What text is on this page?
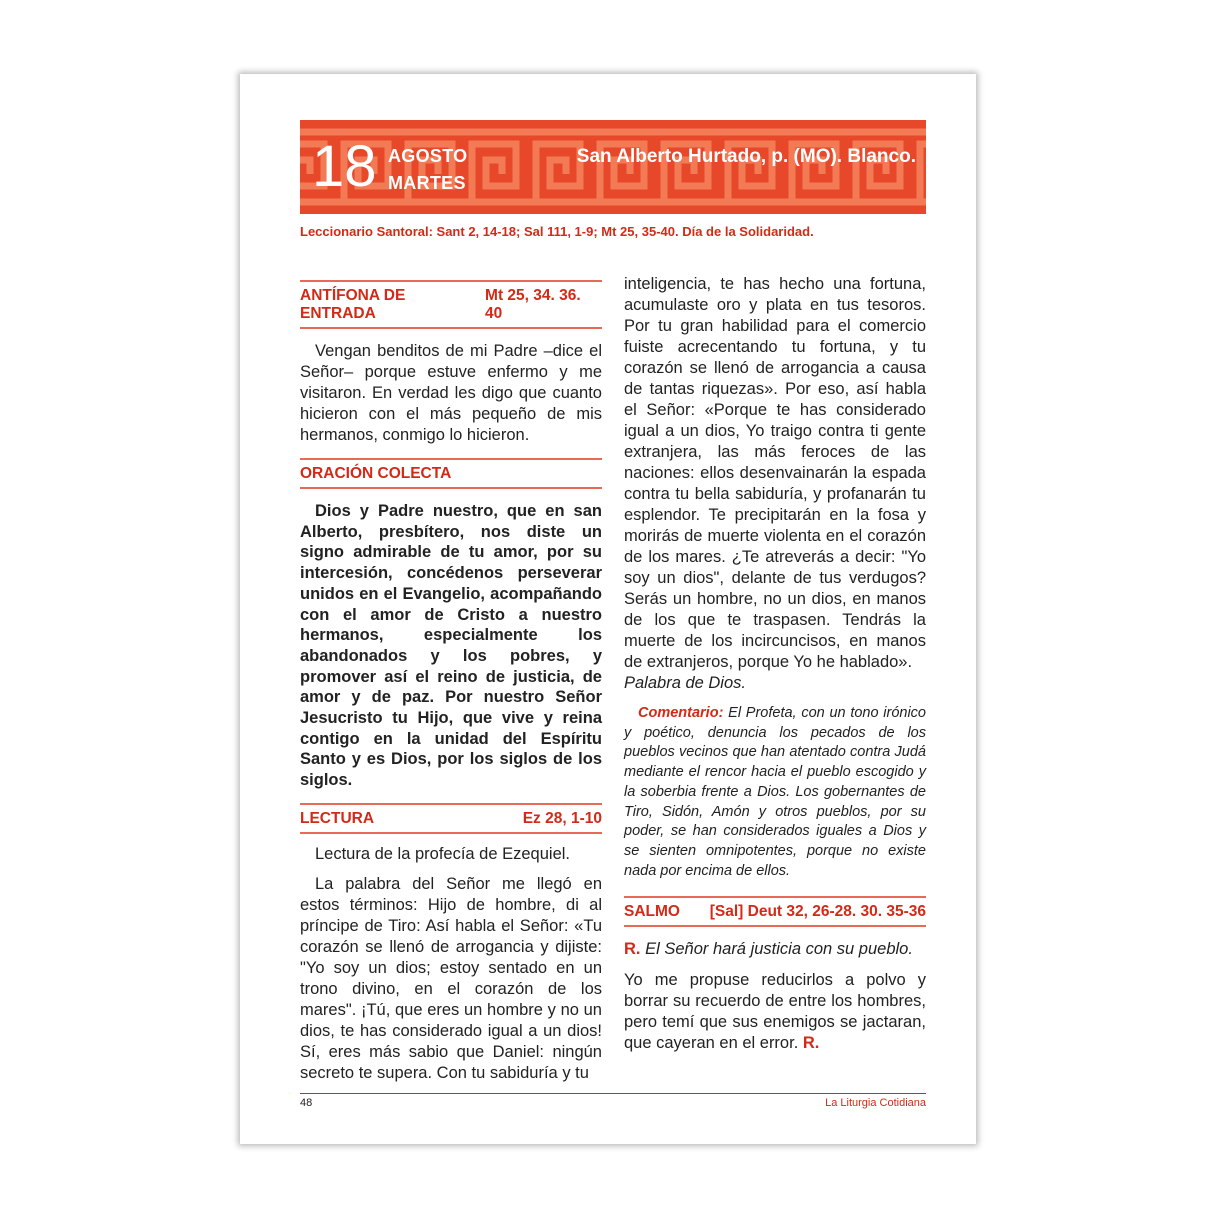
18 AGOSTO
MARTES
San Alberto Hurtado, p. (MO). Blanco.
Leccionario Santoral: Sant 2, 14-18; Sal 111, 1-9; Mt 25, 35-40. Día de la Solidaridad.
ANTÍFONA DE ENTRADA
Mt 25, 34. 36. 40

Vengan benditos de mi Padre –dice el Señor– porque estuve enfermo y me visitaron. En verdad les digo que cuanto hicieron con el más pequeño de mis hermanos, conmigo lo hicieron.

ORACIÓN COLECTA

Dios y Padre nuestro, que en san Alberto, presbítero, nos diste un signo admirable de tu amor, por su intercesión, concédenos perseverar unidos en el Evangelio, acompañando con el amor de Cristo a nuestro hermanos, especialmente los abandonados y los pobres, y promover así el reino de justicia, de amor y de paz. Por nuestro Señor Jesucristo tu Hijo, que vive y reina contigo en la unidad del Espíritu Santo y es Dios, por los siglos de los siglos.

LECTURA	Ez 28, 1-10

Lectura de la profecía de Ezequiel.

La palabra del Señor me llegó en estos términos: Hijo de hombre, di al príncipe de Tiro: Así habla el Señor: «Tu corazón se llenó de arrogancia y dijiste: "Yo soy un dios; estoy sentado en un trono divino, en el corazón de los mares". ¡Tú, que eres un hombre y no un dios, te has considerado igual a un dios! Sí, eres más sabio que Daniel: ningún secreto te supera. Con tu sabiduría y tu

inteligencia, te has hecho una fortuna, acumulaste oro y plata en tus tesoros. Por tu gran habilidad para el comercio fuiste acrecentando tu fortuna, y tu corazón se llenó de arrogancia a causa de tantas riquezas». Por eso, así habla el Señor: «Porque te has considerado igual a un dios, Yo traigo contra ti gente extranjera, las más feroces de las naciones: ellos desenvainarán la espada contra tu bella sabiduría, y profanarán tu esplendor. Te precipitarán en la fosa y morirás de muerte violenta en el corazón de los mares. ¿Te atreverás a decir: "Yo soy un dios", delante de tus verdugos? Serás un hombre, no un dios, en manos de los que te traspasen. Tendrás la muerte de los incircuncisos, en manos de extranjeros, porque Yo he hablado».

Palabra de Dios.

Comentario: El Profeta, con un tono irónico y poético, denuncia los pecados de los pueblos vecinos que han atentado contra Judá mediante el rencor hacia el pueblo escogido y la soberbia frente a Dios. Los gobernantes de Tiro, Sidón, Amón y otros pueblos, por su poder, se han considerados iguales a Dios y se sienten omnipotentes, porque no existe nada por encima de ellos.

SALMO [Sal] Deut 32, 26-28. 30. 35-36

R. El Señor hará justicia con su pueblo.

Yo me propuse reducirlos a polvo y borrar su recuerdo de entre los hombres, pero temí que sus enemigos se jactaran, que cayeran en el error. R.

48	La Liturgia Cotidiana
